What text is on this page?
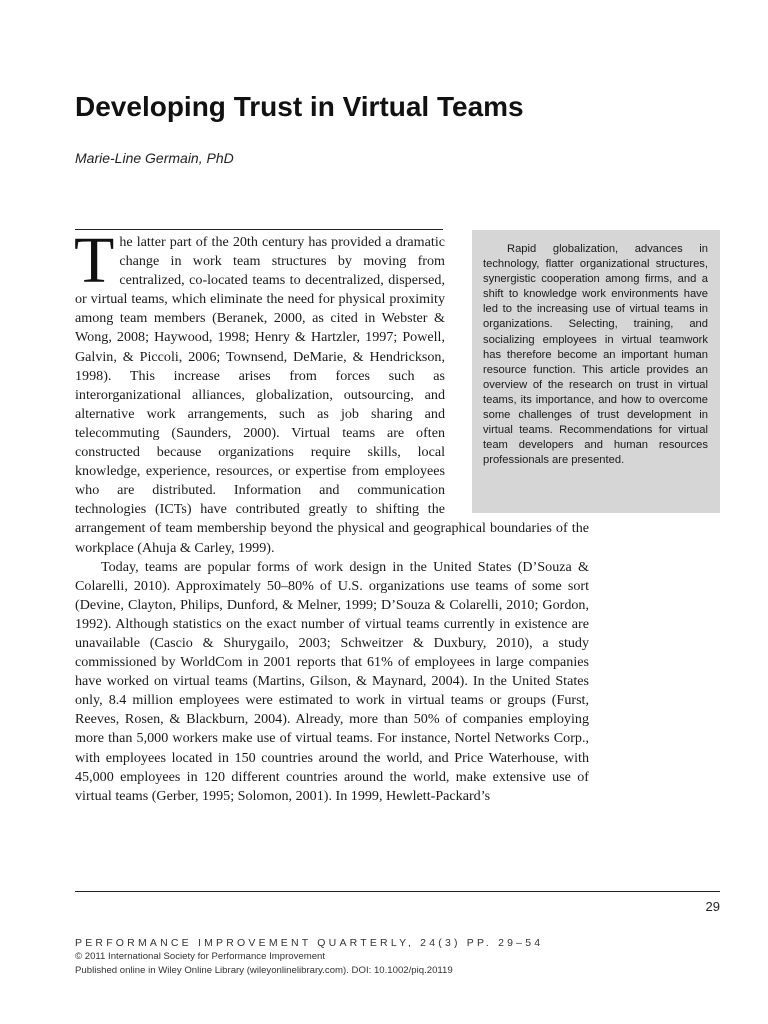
Developing Trust in Virtual Teams
Marie-Line Germain, PhD

Rapid globalization, advances in technology, flatter organizational structures, synergistic cooperation among firms, and a shift to knowledge work environments have led to the increasing use of virtual teams in organizations. Selecting, training, and socializing employees in virtual teamwork has therefore become an important human resource function. This article provides an overview of the research on trust in virtual teams, its importance, and how to overcome some challenges of trust development in virtual teams. Recommendations for virtual team developers and human resources professionals are presented.

The latter part of the 20th century has provided a dramatic change in work team structures by moving from centralized, co-located teams to decentralized, dispersed, or virtual teams, which eliminate the need for physical proximity among team members (Beranek, 2000, as cited in Webster & Wong, 2008; Haywood, 1998; Henry & Hartzler, 1997; Powell, Galvin, & Piccoli, 2006; Townsend, DeMarie, & Hendrickson, 1998). This increase arises from forces such as interorganizational alliances, globalization, outsourcing, and alternative work arrangements, such as job sharing and telecommuting (Saunders, 2000). Virtual teams are often constructed because organizations require skills, local knowledge, experience, resources, or expertise from employees who are distributed. Information and communication technologies (ICTs) have contributed greatly to shifting the arrangement of team membership beyond the physical and geographical boundaries of the workplace (Ahuja & Carley, 1999).

Today, teams are popular forms of work design in the United States (D’Souza & Colarelli, 2010). Approximately 50–80% of U.S. organizations use teams of some sort (Devine, Clayton, Philips, Dunford, & Melner, 1999; D’Souza & Colarelli, 2010; Gordon, 1992). Although statistics on the exact number of virtual teams currently in existence are unavailable (Cascio & Shurygailo, 2003; Schweitzer & Duxbury, 2010), a study commissioned by WorldCom in 2001 reports that 61% of employees in large companies have worked on virtual teams (Martins, Gilson, & Maynard, 2004). In the United States only, 8.4 million employees were estimated to work in virtual teams or groups (Furst, Reeves, Rosen, & Blackburn, 2004). Already, more than 50% of companies employing more than 5,000 workers make use of virtual teams. For instance, Nortel Networks Corp., with employees located in 150 countries around the world, and Price Waterhouse, with 45,000 employees in 120 different countries around the world, make extensive use of virtual teams (Gerber, 1995; Solomon, 2001). In 1999, Hewlett-Packard’s

29
PERFORMANCE IMPROVEMENT QUARTERLY, 24(3) PP. 29–54
© 2011 International Society for Performance Improvement
Published online in Wiley Online Library (wileyonlinelibrary.com). DOI: 10.1002/piq.20119
